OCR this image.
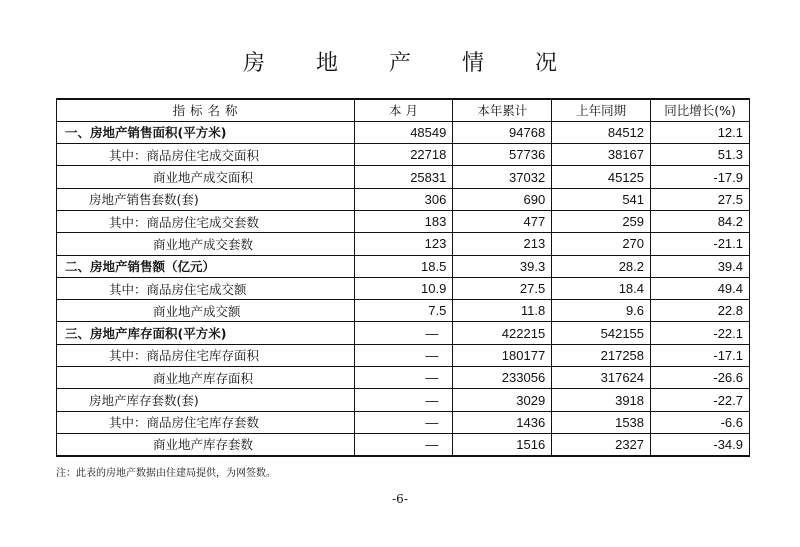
房 地 产 情 况
指 标 名 称	本 月	本年累计	上年同期	同比增长(%)
一、房地产销售面积(平方米)	48549	94768	84512	12.1
其中：商品房住宅成交面积	22718	57736	38167	51.3
商业地产成交面积	25831	37032	45125	-17.9
房地产销售套数(套)	306	690	541	27.5
其中：商品房住宅成交套数	183	477	259	84.2
商业地产成交套数	123	213	270	-21.1
二、房地产销售额（亿元）	18.5	39.3	28.2	39.4
其中：商品房住宅成交额	10.9	27.5	18.4	49.4
商业地产成交额	7.5	11.8	9.6	22.8
三、房地产库存面积(平方米)	—	422215	542155	-22.1
其中：商品房住宅库存面积	—	180177	217258	-17.1
商业地产库存面积	—	233056	317624	-26.6
房地产库存套数(套)	—	3029	3918	-22.7
其中：商品房住宅库存套数	—	1436	1538	-6.6
商业地产库存套数	—	1516	2327	-34.9
注：此表的房地产数据由住建局提供，为网签数。
-6-
